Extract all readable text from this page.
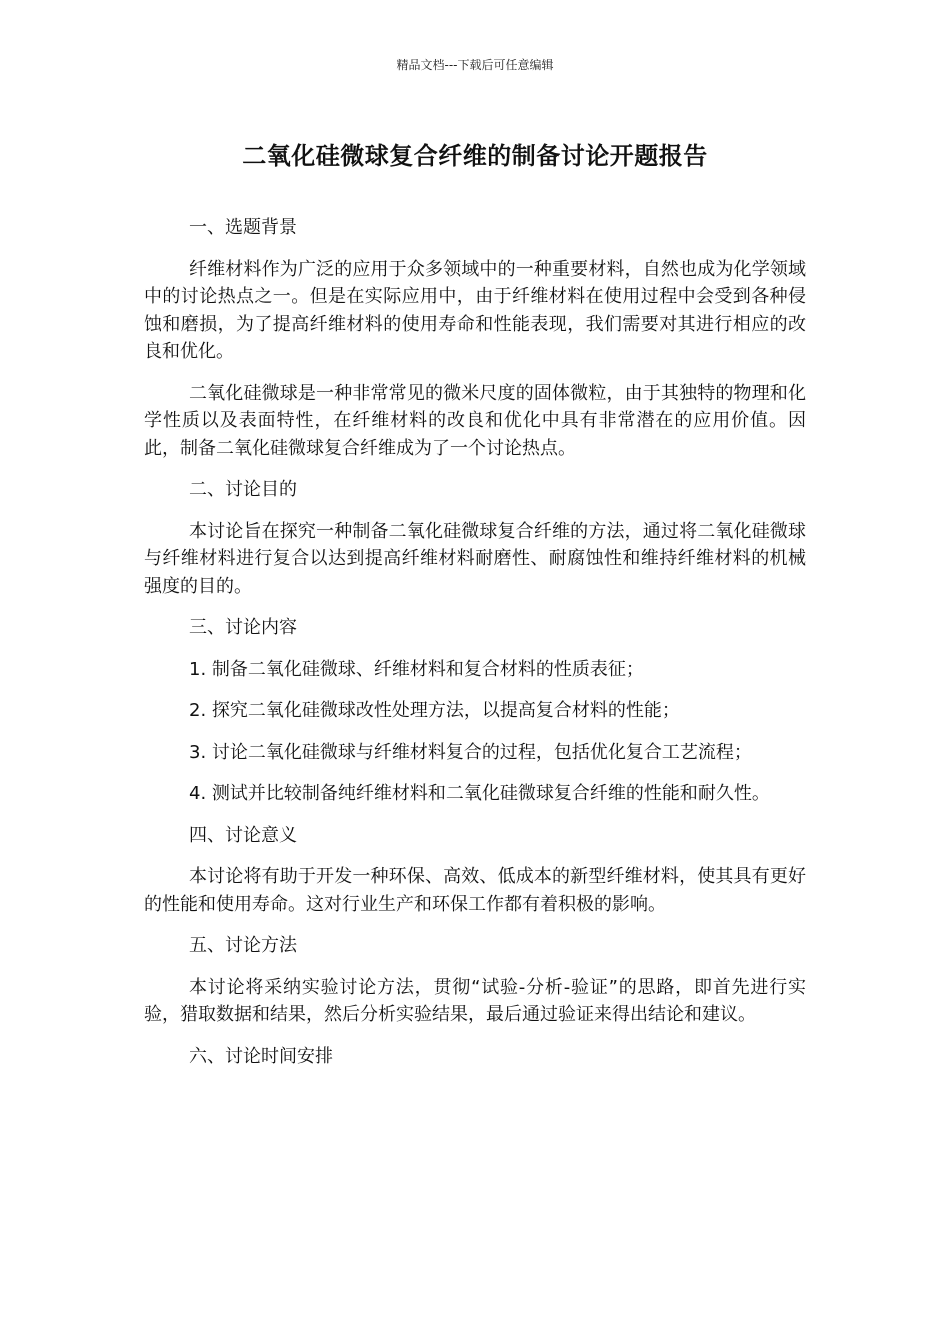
精品文档---下载后可任意编辑
二氧化硅微球复合纤维的制备讨论开题报告

一、选题背景

纤维材料作为广泛的应用于众多领域中的一种重要材料，自然也成为化学领域中的讨论热点之一。但是在实际应用中，由于纤维材料在使用过程中会受到各种侵蚀和磨损，为了提高纤维材料的使用寿命和性能表现，我们需要对其进行相应的改良和优化。

二氧化硅微球是一种非常常见的微米尺度的固体微粒，由于其独特的物理和化学性质以及表面特性，在纤维材料的改良和优化中具有非常潜在的应用价值。因此，制备二氧化硅微球复合纤维成为了一个讨论热点。

二、讨论目的

本讨论旨在探究一种制备二氧化硅微球复合纤维的方法，通过将二氧化硅微球与纤维材料进行复合以达到提高纤维材料耐磨性、耐腐蚀性和维持纤维材料的机械强度的目的。

三、讨论内容

1. 制备二氧化硅微球、纤维材料和复合材料的性质表征；

2. 探究二氧化硅微球改性处理方法，以提高复合材料的性能；

3. 讨论二氧化硅微球与纤维材料复合的过程，包括优化复合工艺流程；

4. 测试并比较制备纯纤维材料和二氧化硅微球复合纤维的性能和耐久性。

四、讨论意义

本讨论将有助于开发一种环保、高效、低成本的新型纤维材料，使其具有更好的性能和使用寿命。这对行业生产和环保工作都有着积极的影响。

五、讨论方法

本讨论将采纳实验讨论方法，贯彻“试验-分析-验证”的思路，即首先进行实验，猎取数据和结果，然后分析实验结果，最后通过验证来得出结论和建议。

六、讨论时间安排
